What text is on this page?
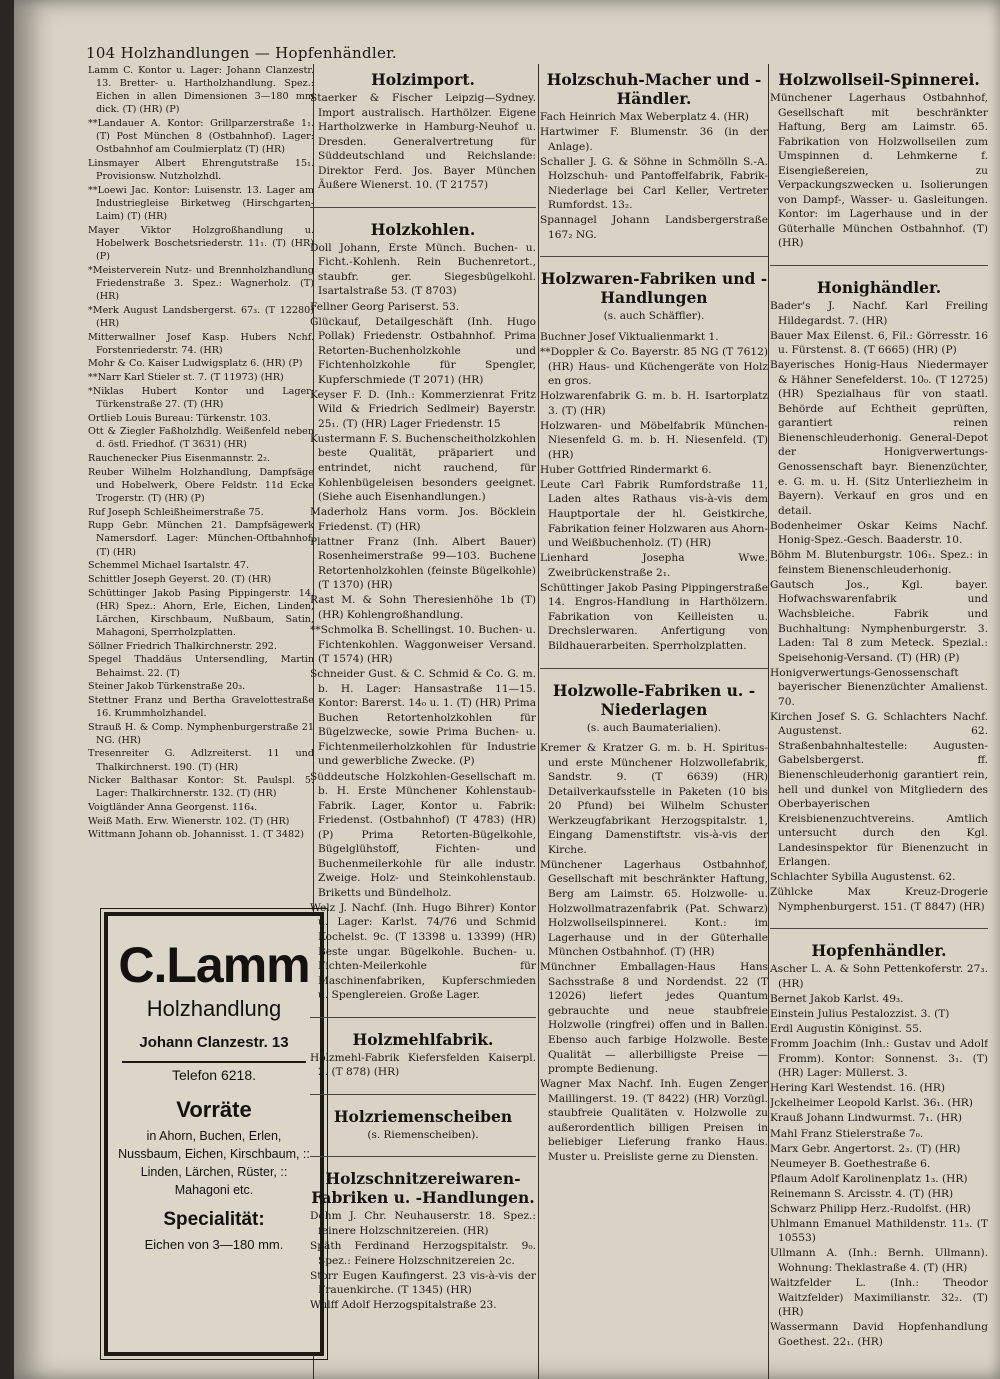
104 Holzhandlungen — Hopfenhändler.
Lamm C. Kontor u. Lager: Johann Clanzestr. 13. Bretter- u. Hartholzhandlung. Spez.: Eichen in allen Dimensionen 3—180 mm dick. (T) (HR) (P)
**Landauer A. Kontor: Grillparzerstraße 1₁. (T) Post München 8 (Ostbahnhof). Lager: Ostbahnhof am Coulmierplatz (T) (HR)
Linsmayer Albert Ehrengutstraße 15₁. Provisionsw. Nutzholzhdl.
**Loewi Jac. Kontor: Luisenstr. 13. Lager am Industriegleise Birketweg (Hirschgarten-Laim) (T) (HR)
Mayer Viktor Holzgroßhandlung u. Hobelwerk Boschetsriederstr. 11₁. (T) (HR) (P)
*Meisterverein Nutz- und Brennholzhandlung Friedenstraße 3. Spez.: Wagnerholz. (T) (HR)
*Merk August Landsbergerst. 67₃. (T 12280) (HR)
Mitterwallner Josef Kasp. Hubers Nchf. Forstenriederstr. 74. (HR)
Mohr & Co. Kaiser Ludwigsplatz 6. (HR) (P)
**Narr Karl Stieler st. 7. (T 11973) (HR)
*Niklas Hubert Kontor und Lager: Türkenstraße 27. (T) (HR)
Ortlieb Louis Bureau: Türkenstr. 103.
Ott & Ziegler Faßholzhdlg. Weißenfeld neben d. östl. Friedhof. (T 3631) (HR)
Rauchenecker Pius Eisenmannstr. 2₂.
Reuber Wilhelm Holzhandlung, Dampfsäge und Hobelwerk, Obere Feldstr. 11d Ecke Trogerstr. (T) (HR) (P)
Ruf Joseph Schleißheimerstraße 75.
Rupp Gebr. München 21. Dampfsägewerk Namersdorf. Lager: München-Oftbahnhof. (T) (HR)
Schemmel Michael Isartalstr. 47.
Schittler Joseph Geyerst. 20. (T) (HR)
Schüttinger Jakob Pasing Pippingerstr. 14. (HR) Spez.: Ahorn, Erle, Eichen, Linden, Lärchen, Kirschbaum, Nußbaum, Satin, Mahagoni, Sperrholzplatten.
Söllner Friedrich Thalkirchnerstr. 292.
Spegel Thaddäus Untersendling, Martin Behaimst. 22. (T)
Steiner Jakob Türkenstraße 20₃.
Stettner Franz und Bertha Gravelottestraße 16. Krummholzhandel.
Strauß H. & Comp. Nymphenburgerstraße 21 NG. (HR)
Tresenreiter G. Adlzreiterst. 11 und Thalkirchnerst. 190. (T) (HR)
Nicker Balthasar Kontor: St. Paulspl. 5. Lager: Thalkirchnerstr. 132. (T) (HR)
Voigtländer Anna Georgenst. 116₄.
Weiß Math. Erw. Wienerstr. 102. (T) (HR)
Wittmann Johann ob. Johannisst. 1. (T 3482)
C.Lamm
Holzhandlung
Johann Clanzestr. 13
Telefon 6218.
Vorräte
in Ahorn, Buchen, Erlen, Nussbaum, Eichen, Kirschbaum, :: Linden, Lärchen, Rüster, :: Mahagoni etc.
Specialität:
Eichen von 3—180 mm.
Holzimport.
Staerker & Fischer Leipzig—Sydney. Import australisch. Harthölzer. Eigene Hartholzwerke in Hamburg-Neuhof u. Dresden. Generalvertretung für Süddeutschland und Reichslande: Direktor Ferd. Jos. Bayer München Äußere Wienerst. 10. (T 21757)
Holzkohlen.
Doll Johann, Erste Münch. Buchen- u. Ficht.-Kohlenh. Rein Buchenretort., staubfr. ger. Siegesbügelkohl. Isartalstraße 53. (T 8703)
Fellner Georg Pariserst. 53.
Glückauf, Detailgeschäft (Inh. Hugo Pollak) Friedenstr. Ostbahnhof. Prima Retorten-Buchenholzkohle und Fichtenholzkohle für Spengler, Kupferschmiede (T 2071) (HR)
Keyser F. D. (Inh.: Kommerzienrat Fritz Wild & Friedrich Sedlmeir) Bayerstr. 25₁. (T) (HR) Lager Friedenstr. 15
Kustermann F. S. Buchenscheitholzkohlen beste Qualität, präpariert und entrindet, nicht rauchend, für Kohlenbügeleisen besonders geeignet. (Siehe auch Eisenhandlungen.)
Maderholz Hans vorm. Jos. Böcklein Friedenst. (T) (HR)
Plattner Franz (Inh. Albert Bauer) Rosenheimerstraße 99—103. Buchene Retortenholzkohlen (feinste Bügelkohle) (T 1370) (HR)
Rast M. & Sohn Theresienhöhe 1b (T) (HR) Kohlengroßhandlung.
**Schmolka B. Schellingst. 10. Buchen- u. Fichtenkohlen. Waggonweiser Versand. (T 1574) (HR)
Schneider Gust. & C. Schmid & Co. G. m. b. H. Lager: Hansastraße 11—15. Kontor: Barerst. 14₀ u. 1. (T) (HR) Prima Buchen Retortenholzkohlen für Bügelzwecke, sowie Prima Buchen- u. Fichtenmeilerholzkohlen für Industrie und gewerbliche Zwecke. (P)
Süddeutsche Holzkohlen-Gesellschaft m. b. H. Erste Münchener Kohlenstaub-Fabrik. Lager, Kontor u. Fabrik: Friedenst. (Ostbahnhof) (T 4783) (HR) (P) Prima Retorten-Bügelkohle, Bügelglühstoff, Fichten- und Buchenmeilerkohle für alle industr. Zweige. Holz- und Steinkohlenstaub. Briketts und Bündelholz.
Welz J. Nachf. (Inh. Hugo Bihrer) Kontor u. Lager: Karlst. 74/76 und Schmid Kochelst. 9c. (T 13398 u. 13399) (HR) Beste ungar. Bügelkohle. Buchen- u. Fichten-Meilerkohle für Maschinenfabriken, Kupferschmieden u. Spenglereien. Große Lager.
Holzmehlfabrik.
Holzmehl-Fabrik Kiefersfelden Kaiserpl. 2. (T 878) (HR)
Holzriemenscheiben
(s. Riemenscheiben).
Holzschnitzereiwaren-Fabriken u. -Handlungen.
Dehm J. Chr. Neuhauserstr. 18. Spez.: feinere Holzschnitzereien. (HR)
Späth Ferdinand Herzogspitalstr. 9₀. Spez.: Feinere Holzschnitzereien 2c.
Storr Eugen Kaufingerst. 23 vis-à-vis der Frauenkirche. (T 1345) (HR)
Wulff Adolf Herzogspitalstraße 23.
Holzschuh-Macher und -Händler.
Fach Heinrich Max Weberplatz 4. (HR)
Hartwimer F. Blumenstr. 36 (in der Anlage).
Schaller J. G. & Söhne in Schmölln S.-A. Holzschuh- und Pantoffelfabrik, Fabrik-Niederlage bei Carl Keller, Vertreter Rumfordst. 13₂.
Spannagel Johann Landsbergerstraße 167₂ NG.
Holzwaren-Fabriken und -Handlungen
(s. auch Schäffler).
Buchner Josef Viktualienmarkt 1.
**Doppler & Co. Bayerstr. 85 NG (T 7612) (HR) Haus- und Küchengeräte von Holz en gros.
Holzwarenfabrik G. m. b. H. Isartorplatz 3. (T) (HR)
Holzwaren- und Möbelfabrik München-Niesenfeld G. m. b. H. Niesenfeld. (T) (HR)
Huber Gottfried Rindermarkt 6.
Leute Carl Fabrik Rumfordstraße 11, Laden altes Rathaus vis-à-vis dem Hauptportale der hl. Geistkirche, Fabrikation feiner Holzwaren aus Ahorn- und Weißbuchenholz. (T) (HR)
Lienhard Josepha Wwe. Zweibrückenstraße 2₁.
Schüttinger Jakob Pasing Pippingerstraße 14. Engros-Handlung in Harthölzern. Fabrikation von Keilleisten u. Drechslerwaren. Anfertigung von Bildhauerarbeiten. Sperrholzplatten.
Holzwolle-Fabriken u. -Niederlagen
(s. auch Baumaterialien).
Kremer & Kratzer G. m. b. H. Spiritus- und erste Münchener Holzwollefabrik, Sandstr. 9. (T 6639) (HR) Detailverkaufsstelle in Paketen (10 bis 20 Pfund) bei Wilhelm Schuster Werkzeugfabrikant Herzogspitalstr. 1, Eingang Damenstiftstr. vis-à-vis der Kirche.
Münchener Lagerhaus Ostbahnhof, Gesellschaft mit beschränkter Haftung, Berg am Laimstr. 65. Holzwolle- u. Holzwollmatrazenfabrik (Pat. Schwarz) Holzwollseilspinnerei. Kont.: im Lagerhause und in der Güterhalle München Ostbahnhof. (T) (HR)
Münchner Emballagen-Haus Hans Sachsstraße 8 und Nordendst. 22 (T 12026) liefert jedes Quantum gebrauchte und neue staubfreie Holzwolle (ringfrei) offen und in Ballen. Ebenso auch farbige Holzwolle. Beste Qualität — allerbilligste Preise — prompte Bedienung.
Wagner Max Nachf. Inh. Eugen Zenger Maillingerst. 19. (T 8422) (HR) Vorzügl. staubfreie Qualitäten v. Holzwolle zu außerordentlich billigen Preisen in beliebiger Lieferung franko Haus. Muster u. Preisliste gerne zu Diensten.
Holzwollseil-Spinnerei.
Münchener Lagerhaus Ostbahnhof, Gesellschaft mit beschränkter Haftung, Berg am Laimstr. 65. Fabrikation von Holzwollseilen zum Umspinnen d. Lehmkerne f. Eisengießereien, zu Verpackungszwecken u. Isolierungen von Dampf-, Wasser- u. Gasleitungen. Kontor: im Lagerhause und in der Güterhalle München Ostbahnhof. (T) (HR)
Honighändler.
Bader's J. Nachf. Karl Freiling Hildegardst. 7. (HR)
Bauer Max Eilenst. 6, Fil.: Görresstr. 16 u. Fürstenst. 8. (T 6665) (HR) (P)
Bayerisches Honig-Haus Niedermayer & Hähner Senefelderst. 10₀. (T 12725) (HR) Spezialhaus für von staatl. Behörde auf Echtheit geprüften, garantiert reinen Bienenschleuderhonig. General-Depot der Honigverwertungs-Genossenschaft bayr. Bienenzüchter, e. G. m. u. H. (Sitz Unterliezheim in Bayern). Verkauf en gros und en detail.
Bodenheimer Oskar Keims Nachf. Honig-Spez.-Gesch. Baaderstr. 10.
Böhm M. Blutenburgstr. 106₁. Spez.: in feinstem Bienenschleuderhonig.
Gautsch Jos., Kgl. bayer. Hofwachswarenfabrik und Wachsbleiche. Fabrik und Buchhaltung: Nymphenburgerstr. 3. Laden: Tal 8 zum Meteck. Spezial.: Speisehonig-Versand. (T) (HR) (P)
Honigverwertungs-Genossenschaft bayerischer Bienenzüchter Amalienst. 70.
Kirchen Josef S. G. Schlachters Nachf. Augustenst. 62. Straßenbahnhaltestelle: Augusten-Gabelsbergerst. ff. Bienenschleuderhonig garantiert rein, hell und dunkel von Mitgliedern des Oberbayerischen Kreisbienenzuchtvereins. Amtlich untersucht durch den Kgl. Landesinspektor für Bienenzucht in Erlangen.
Schlachter Sybilla Augustenst. 62.
Zühlcke Max Kreuz-Drogerie Nymphenburgerst. 151. (T 8847) (HR)
Hopfenhändler.
Ascher L. A. & Sohn Pettenkoferstr. 27₃. (HR)
Bernet Jakob Karlst. 49₃.
Einstein Julius Pestalozzist. 3. (T)
Erdl Augustin Königinst. 55.
Fromm Joachim (Inh.: Gustav und Adolf Fromm). Kontor: Sonnenst. 3₁. (T) (HR) Lager: Müllerst. 3.
Hering Karl Westendst. 16. (HR)
Jckelheimer Leopold Karlst. 36₁. (HR)
Krauß Johann Lindwurmst. 7₁. (HR)
Mahl Franz Stielerstraße 7₀.
Marx Gebr. Angertorst. 2₃. (T) (HR)
Neumeyer B. Goethestraße 6.
Pflaum Adolf Karolinenplatz 1₃. (HR)
Reinemann S. Arcisstr. 4. (T) (HR)
Schwarz Philipp Herz.-Rudolfst. (HR)
Uhlmann Emanuel Mathildenstr. 11₃. (T 10553)
Ullmann A. (Inh.: Bernh. Ullmann). Wohnung: Theklastraße 4. (T) (HR)
Waitzfelder L. (Inh.: Theodor Waitzfelder) Maximilianstr. 32₂. (T) (HR)
Wassermann David Hopfenhandlung Goethest. 22₁. (HR)
